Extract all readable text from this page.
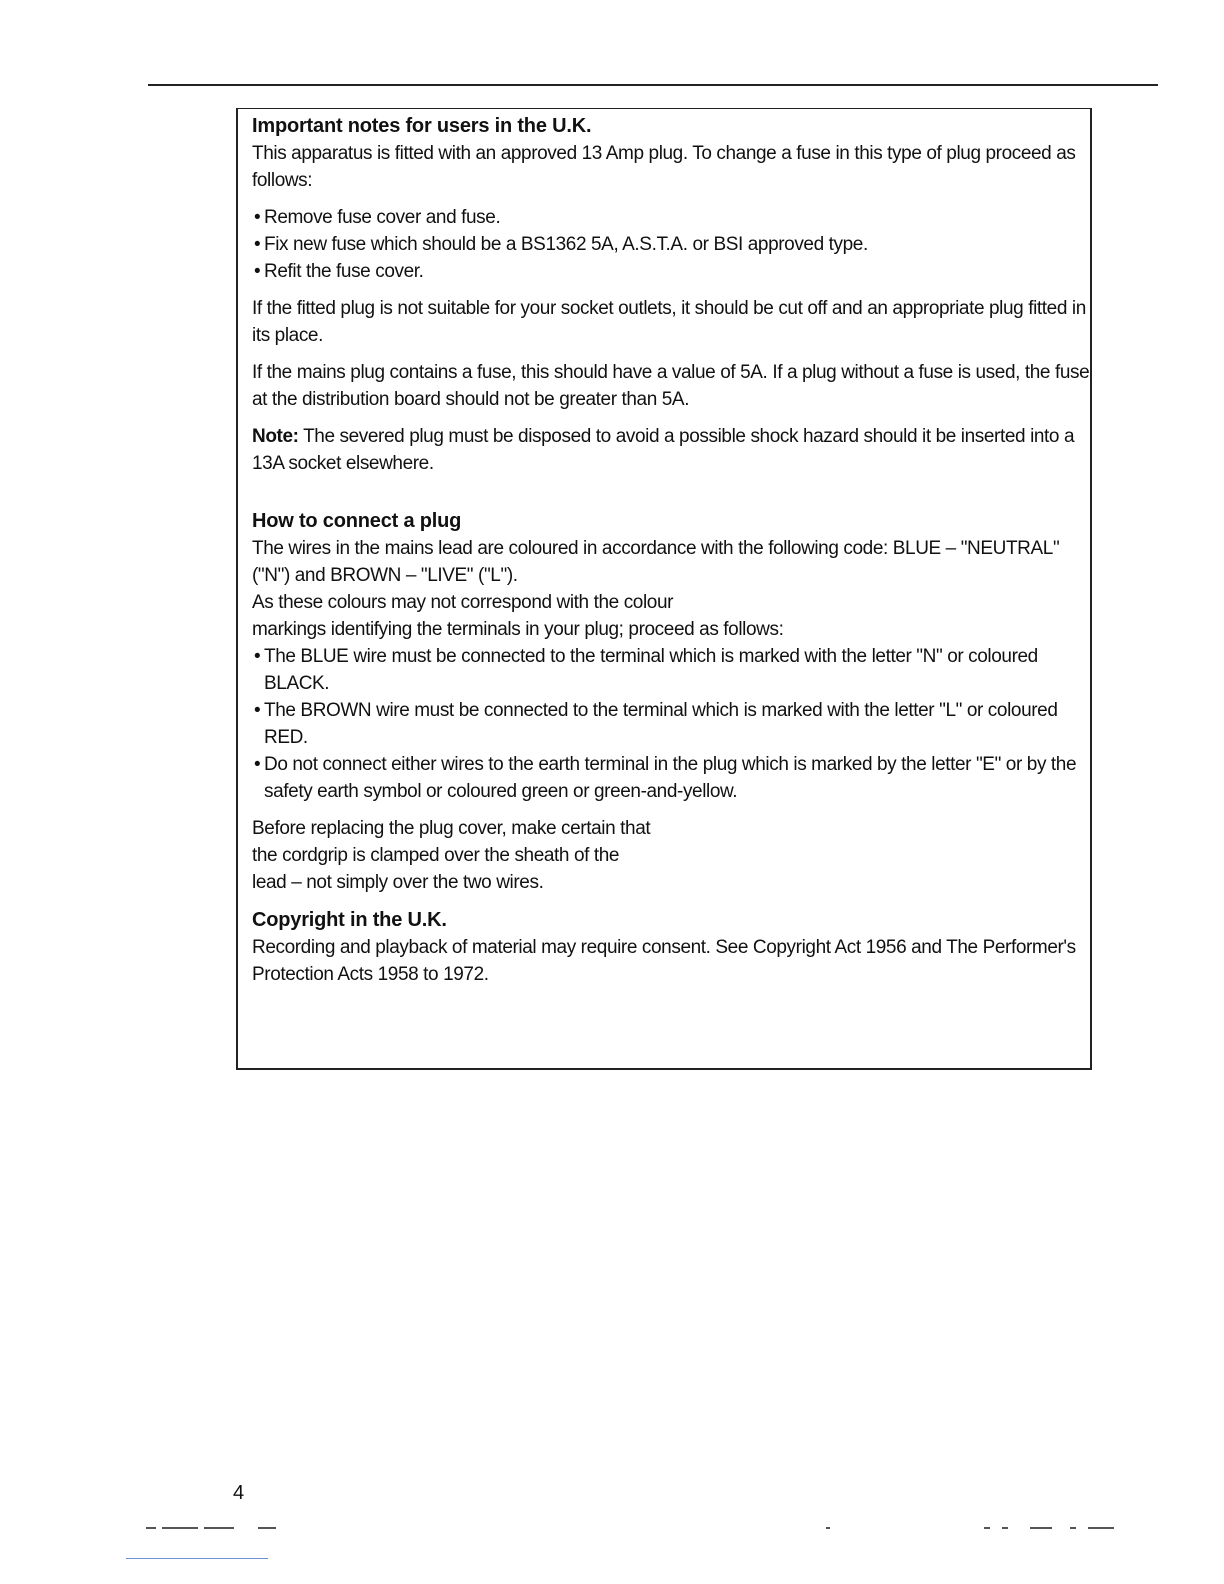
Important notes for users in the U.K.

This apparatus is fitted with an approved 13 Amp plug. To change a fuse in this type of plug proceed as follows:

• Remove fuse cover and fuse.
• Fix new fuse which should be a BS1362 5A, A.S.T.A. or BSI approved type.
• Refit the fuse cover.

If the fitted plug is not suitable for your socket outlets, it should be cut off and an appropriate plug fitted in its place.

If the mains plug contains a fuse, this should have a value of 5A. If a plug without a fuse is used, the fuse at the distribution board should not be greater than 5A.

Note: The severed plug must be disposed to avoid a possible shock hazard should it be inserted into a 13A socket elsewhere.

How to connect a plug

The wires in the mains lead are coloured in accordance with the following code: BLUE – "NEUTRAL" ("N") and BROWN – "LIVE" ("L").

As these colours may not correspond with the colour

markings identifying the terminals in your plug; proceed as follows:

• The BLUE wire must be connected to the terminal which is marked with the letter "N" or coloured BLACK.
• The BROWN wire must be connected to the terminal which is marked with the letter "L" or coloured RED.
• Do not connect either wires to the earth terminal in the plug which is marked by the letter "E" or by the safety earth symbol or coloured green or green-and-yellow.

Before replacing the plug cover, make certain that

the cordgrip is clamped over the sheath of the

lead – not simply over the two wires.

Copyright in the U.K.

Recording and playback of material may require consent. See Copyright Act 1956 and The Performer's Protection Acts 1958 to 1972.

4
